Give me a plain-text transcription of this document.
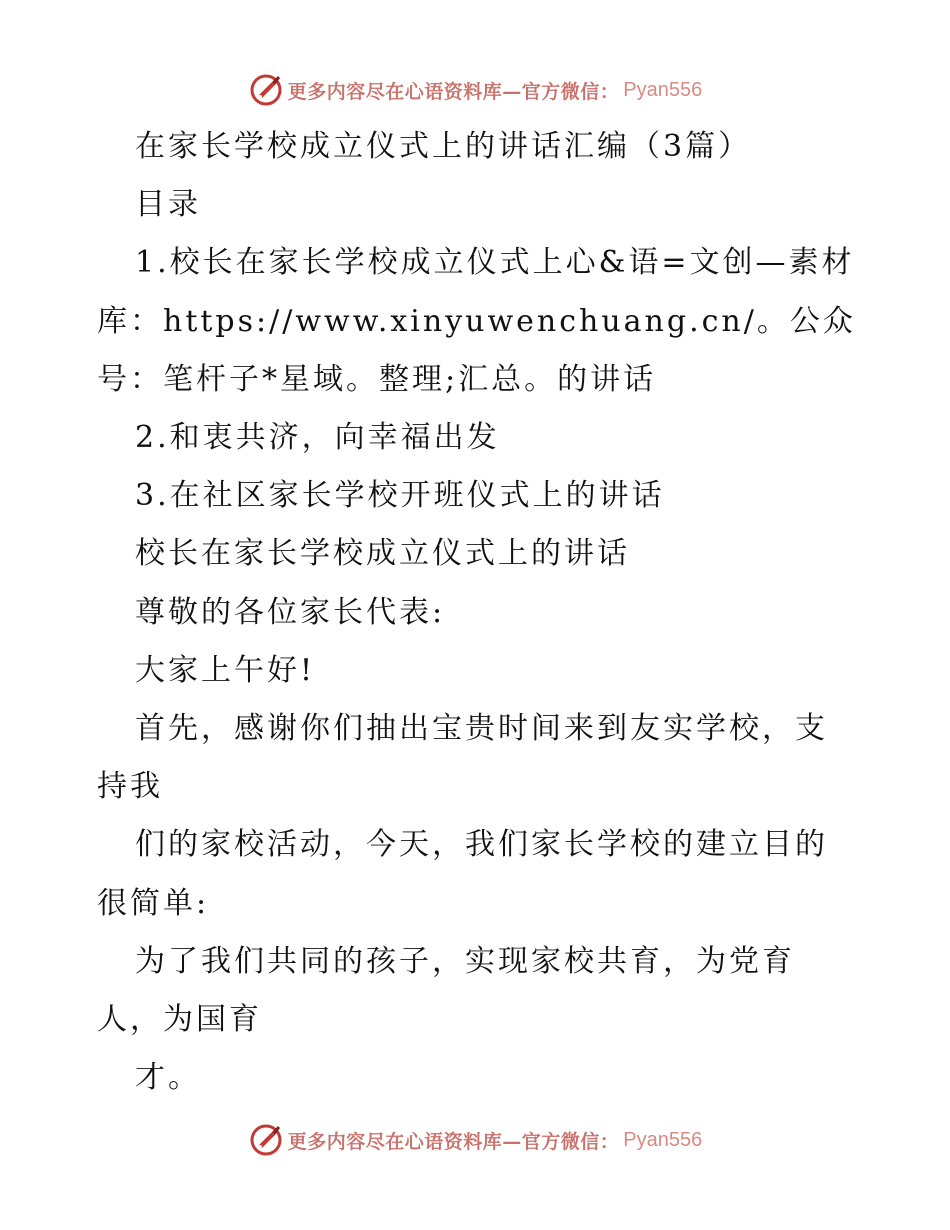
更多内容尽在心语资料库—官方微信： Pyan556

在家长学校成立仪式上的讲话汇编（3篇）

目录

1.校长在家长学校成立仪式上心&语=文创—素材库：https://www.xinyuwenchuang.cn/。公众号：笔杆子*星域。整理;汇总。的讲话

2.和衷共济，向幸福出发

3.在社区家长学校开班仪式上的讲话

校长在家长学校成立仪式上的讲话

尊敬的各位家长代表:

大家上午好!

首先，感谢你们抽出宝贵时间来到友实学校，支持我

们的家校活动，今天，我们家长学校的建立目的很简单:

为了我们共同的孩子，实现家校共育，为党育人，为国育

才。

更多内容尽在心语资料库—官方微信： Pyan556
